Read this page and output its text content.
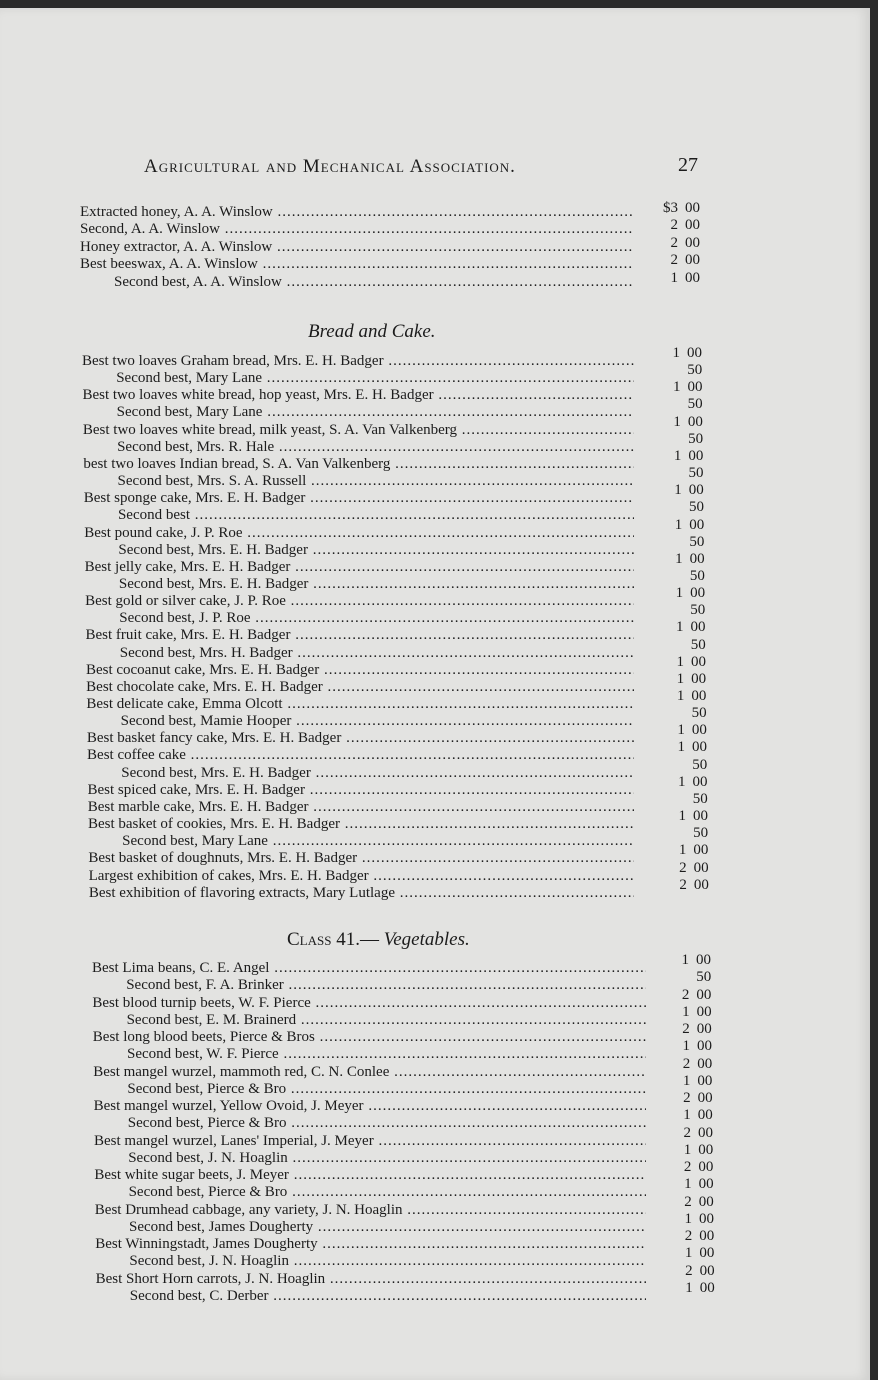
Agricultural and Mechanical Association.	27
Extracted honey, A. A. Winslow .....	$3 00
Second, A. A. Winslow .....	2 00
Honey extractor, A. A. Winslow .....	2 00
Best beeswax, A. A. Winslow .....	2 00
Second best, A. A. Winslow .....	1 00
Bread and Cake.
Best two loaves Graham bread, Mrs. E. H. Badger .....	1 00
Second best, Mary Lane .....	50
Best two loaves white bread, hop yeast, Mrs. E. H. Badger .....	1 00
Second best, Mary Lane .....	50
Best two loaves white bread, milk yeast, S. A. Van Valkenberg .....	1 00
Second best, Mrs. R. Hale .....	50
best two loaves Indian bread, S. A. Van Valkenberg .....	1 00
Second best, Mrs. S. A. Russell .....	50
Best sponge cake, Mrs. E. H. Badger .....	1 00
Second best .....	50
Best pound cake, J. P. Roe .....	1 00
Second best, Mrs. E. H. Badger .....	50
Best jelly cake, Mrs. E. H. Badger .....	1 00
Second best, Mrs. E. H. Badger .....	50
Best gold or silver cake, J. P. Roe .....	1 00
Second best, J. P. Roe .....	50
Best fruit cake, Mrs. E. H. Badger .....	1 00
Second best, Mrs. H. Badger .....	50
Best cocoanut cake, Mrs. E. H. Badger .....	1 00
Best chocolate cake, Mrs. E. H. Badger .....	1 00
Best delicate cake, Emma Olcott .....	1 00
Second best, Mamie Hooper .....	50
Best basket fancy cake, Mrs. E. H. Badger .....	1 00
Best coffee cake .....	1 00
Second best, Mrs. E. H. Badger .....	50
Best spiced cake, Mrs. E. H. Badger .....	1 00
Best marble cake, Mrs. E. H. Badger .....	50
Best basket of cookies, Mrs. E. H. Badger .....	1 00
Second best, Mary Lane .....	50
Best basket of doughnuts, Mrs. E. H. Badger .....	1 00
Largest exhibition of cakes, Mrs. E. H. Badger .....	2 00
Best exhibition of flavoring extracts, Mary Lutlage .....	2 00
Class 41.— Vegetables.
Best Lima beans, C. E. Angel .....	1 00
Second best, F. A. Brinker .....	50
Best blood turnip beets, W. F. Pierce .....	2 00
Second best, E. M. Brainerd .....	1 00
Best long blood beets, Pierce & Bros .....	2 00
Second best, W. F. Pierce .....	1 00
Best mangel wurzel, mammoth red, C. N. Conlee .....	2 00
Second best, Pierce & Bro .....	1 00
Best mangel wurzel, Yellow Ovoid, J. Meyer .....	2 00
Second best, Pierce & Bro .....	1 00
Best mangel wurzel, Lanes' Imperial, J. Meyer .....	2 00
Second best, J. N. Hoaglin .....	1 00
Best white sugar beets, J. Meyer .....	2 00
Second best, Pierce & Bro .....	1 00
Best Drumhead cabbage, any variety, J. N. Hoaglin .....	2 00
Second best, James Dougherty .....	1 00
Best Winningstadt, James Dougherty .....	2 00
Second best, J. N. Hoaglin .....	1 00
Best Short Horn carrots, J. N. Hoaglin .....	2 00
Second best, C. Derber .....	1 00
